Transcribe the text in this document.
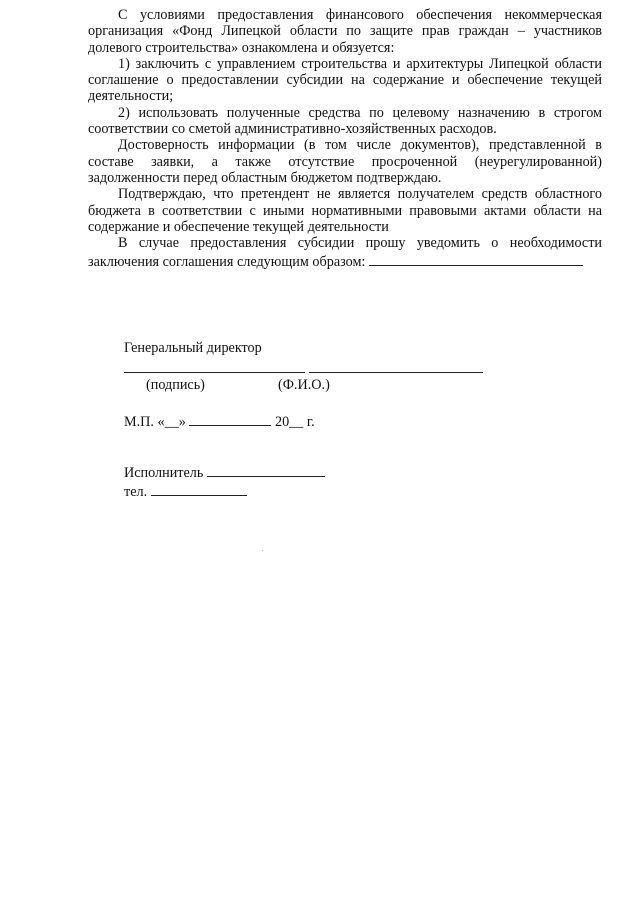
С условиями предоставления финансового обеспечения некоммерческая организация «Фонд Липецкой области по защите прав граждан – участников долевого строительства» ознакомлена и обязуется:

1) заключить с управлением строительства и архитектуры Липецкой области соглашение о предоставлении субсидии на содержание и обеспечение текущей деятельности;

2) использовать полученные средства по целевому назначению в строгом соответствии со сметой административно-хозяйственных расходов.

Достоверность информации (в том числе документов), представленной в составе заявки, а также отсутствие просроченной (неурегулированной) задолженности перед областным бюджетом подтверждаю.

Подтверждаю, что претендент не является получателем средств областного бюджета в соответствии с иными нормативными правовыми актами области на содержание и обеспечение текущей деятельности

В случае предоставления субсидии прошу уведомить о необходимости заключения соглашения следующим образом:

Генеральный директор
(подпись)	(Ф.И.О.)
М.П. «__»	20__ г.
Исполнитель
тел.
